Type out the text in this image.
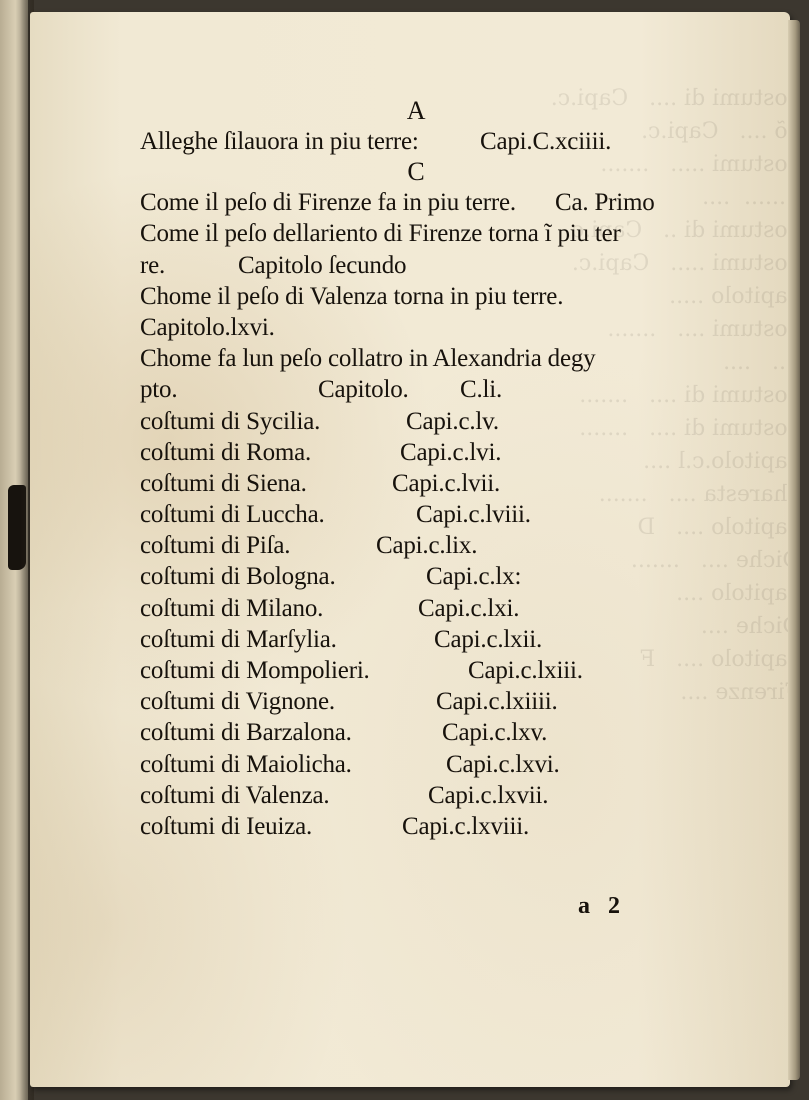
costumi di ....   Capi.c.
....   Capi.c.
costumi .....   .......
........  ....
costumi di ..   Capi.c.
costumi .....   Capi.c.
capitolo .....
costumi ....   .......
....   ....
costumi di ....   .......
costumi di ....   .......
capitolo.c.l ....
charesta ....   .......
capitolo ....   D
Diche ....   .......
capitolo ....
Diche ....
capitolo ....   F
Firenze ....
A
Alleghe ſilauora in piu terre: Capi.C.xciiii.
C
Come il peſo di Firenze fa in piu terre. Ca. Primo
Come il peſo dellariento di Firenze torna ĩ piu ter
re.	Capitolo ſecundo
Chome il peſo di Valenza torna in piu terre.
Capitolo.lxvi.
Chome fa lun peſo collatro in Alexandria degy
pto.	Capitolo. C.li.
coſtumi di Sycilia.	Capi.c.lv.
coſtumi di Roma.	Capi.c.lvi.
coſtumi di Siena.	Capi.c.lvii.
coſtumi di Luccha.	Capi.c.lviii.
coſtumi di Piſa.	Capi.c.lix.
coſtumi di Bologna.	Capi.c.lx:
coſtumi di Milano.	Capi.c.lxi.
coſtumi di Marſylia.	Capi.c.lxii.
coſtumi di Mompolieri.	Capi.c.lxiii.
coſtumi di Vignone.	Capi.c.lxiiii.
coſtumi di Barzalona.	Capi.c.lxv.
coſtumi di Maiolicha.	Capi.c.lxvi.
coſtumi di Valenza.	Capi.c.lxvii.
coſtumi di Ieuiza.	Capi.c.lxviii.
a 2
